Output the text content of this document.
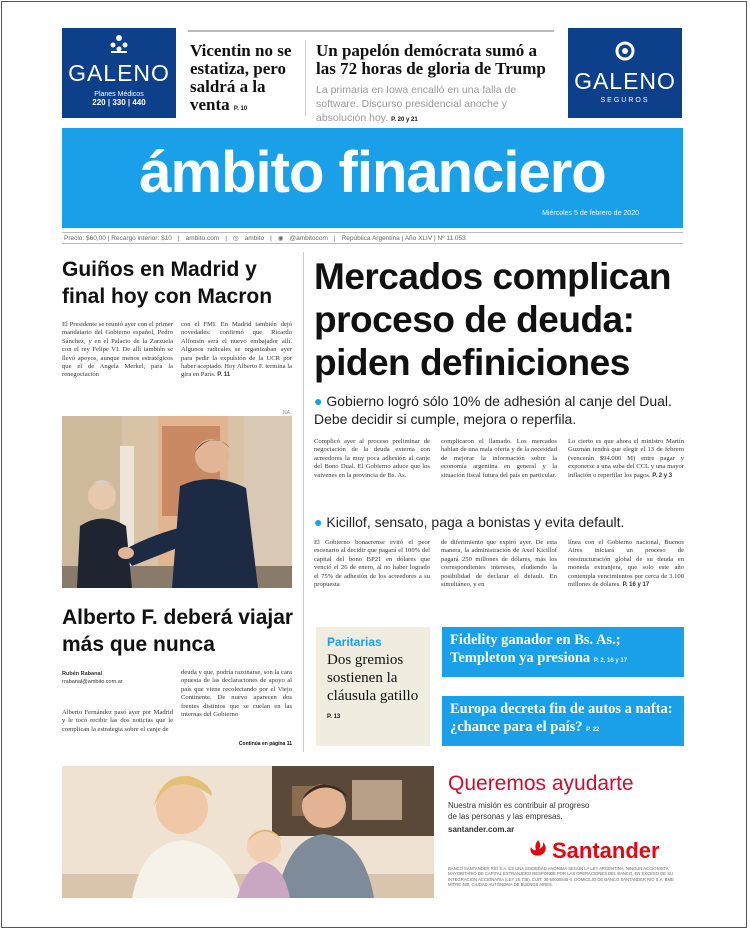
GALENO
Planes Médicos
220 | 330 | 440
Vicentin no se estatiza, pero saldrá a la venta P. 10
Un papelón demócrata sumó a las 72 horas de gloria de Trump
La primaria en Iowa encalló en una falla de software. Discurso presidencial anoche y absolución hoy. P. 20 y 21
GALENO
SEGUROS
ámbito financiero
Miércoles 5 de febrero de 2020
Precio: $60,00 | Recargo interior: $10 | ambito.com | ◎ ambito | ◉ @ambitocom | República Argentina | Año XLIV | Nº 11.053
Guiños en Madrid y final hoy con Macron
El Presidente se reunió ayer con el primer mandatario del Gobierno español, Pedro Sánchez, y en el Palacio de la Zarzuela con el rey Felipe VI. De allí también se llevó apoyos, aunque menos estratégicos que el de Angela Merkel, para la renegociación
con el FMI. En Madrid también dejó novedades: confirmó que Ricardo Alfonsín será el nuevo embajador allí. Algunos radicales se organizaban ayer para pedir la expulsión de la UCR por haber aceptado. Hoy Alberto F. termina la gira en París. P. 11
NA
Alberto F. deberá viajar más que nunca
Rubén Rabanal
rrabanal@ambito.com.ar
Alberto Fernández pasó ayer por Madrid y le tocó recibir las dos noticias que le complican la estrategia sobre el canje de
deuda y que, podría razonarse, son la cara opuesta de las declaraciones de apoyo al país que viene recolectando por el Viejo Continente. De nuevo aparecen dos frentes distintos que se cuelan en las internas del Gobierno
Continúa en página 11
Mercados complican proceso de deuda: piden definiciones
● Gobierno logró sólo 10% de adhesión al canje del Dual. Debe decidir si cumple, mejora o reperfila.
Complicó ayer al proceso preliminar de negociación de la deuda externa con acreedores la muy poca adhesión al canje del Bono Dual. El Gobierno aduce que los vaivenes en la provincia de Bs. As.
complicaron el llamado. Los mercados hablan de una mala oferta y de la necesidad de mejorar la información sobre la economía argentina en general y la situación fiscal futura del país en particular.
Lo cierto es que ahora el ministro Martín Guzmán tendrá que elegir el 13 de febrero (vencerán $94.000 M) entre pagar y exponerse a una suba del CCL y una mayor inflación o reperfilar los pagos. P. 2 y 3
● Kicillof, sensato, paga a bonistas y evita default.
El Gobierno bonaerense evitó el peor escenario al decidir que pagará el 100% del capital del bono BP21 en dólares que venció el 26 de enero, al no haber logrado el 75% de adhesión de los acreedores a su propuesta
de diferimiento que expiró ayer. De esta manera, la administración de Axel Kicillof pagará 250 millones de dólares, más los correspondientes intereses, eludiendo la posibilidad de declarar el default. En simultáneo, y en
línea con el Gobierno nacional, Buenos Aires iniciará un proceso de reestructuración global de su deuda en moneda extranjera, que solo este año contempla vencimientos por cerca de 3.100 millones de dólares. P. 16 y 17
Paritarias
Dos gremios sostienen la cláusula gatillo P. 13
Fidelity ganador en Bs. As.; Templeton ya presiona P. 2, 16 y 17
Europa decreta fin de autos a nafta: ¿chance para el país? P. 22
Queremos ayudarte
Nuestra misión es contribuir al progreso de las personas y las empresas.
santander.com.ar
Santander
BANCO SANTANDER RÍO S.A. ES UNA SOCIEDAD ANÓNIMA SEGÚN LA LEY ARGENTINA. NINGÚN ACCIONISTA MAYORITARIO DE CAPITAL EXTRANJERO RESPONDE POR LAS OPERACIONES DEL BANCO, EN EXCESO DE SU INTEGRACIÓN ACCIONARIA (LEY 25.738). CUIT: 30-50000845-4. DOMICILIO DE BANCO SANTANDER RÍO S.A: BME MITRE 480, CIUDAD AUTÓNOMA DE BUENOS AIRES.
